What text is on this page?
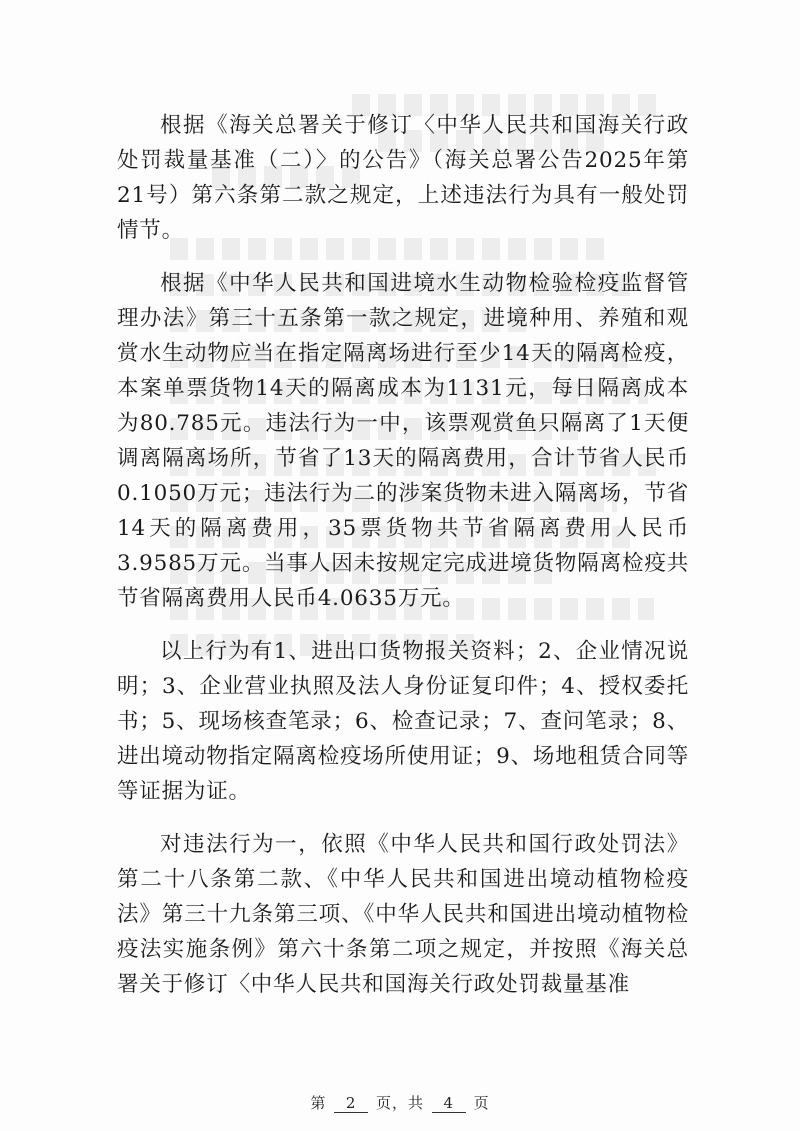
根据《海关总署关于修订〈中华人民共和国海关行政处罚裁量基准（二）〉的公告》（海关总署公告2025年第21号）第六条第二款之规定，上述违法行为具有一般处罚情节。

根据《中华人民共和国进境水生动物检验检疫监督管理办法》第三十五条第一款之规定，进境种用、养殖和观赏水生动物应当在指定隔离场进行至少14天的隔离检疫，本案单票货物14天的隔离成本为1131元，每日隔离成本为80.785元。违法行为一中，该票观赏鱼只隔离了1天便调离隔离场所，节省了13天的隔离费用，合计节省人民币0.1050万元；违法行为二的涉案货物未进入隔离场，节省14天的隔离费用，35票货物共节省隔离费用人民币3.9585万元。当事人因未按规定完成进境货物隔离检疫共节省隔离费用人民币4.0635万元。

以上行为有1、进出口货物报关资料；2、企业情况说明；3、企业营业执照及法人身份证复印件；4、授权委托书；5、现场核查笔录；6、检查记录；7、查问笔录；8、进出境动物指定隔离检疫场所使用证；9、场地租赁合同等等证据为证。

对违法行为一，依照《中华人民共和国行政处罚法》第二十八条第二款、《中华人民共和国进出境动植物检疫法》第三十九条第三项、《中华人民共和国进出境动植物检疫法实施条例》第六十条第二项之规定，并按照《海关总署关于修订〈中华人民共和国海关行政处罚裁量基准

第 2 页，共 4 页
